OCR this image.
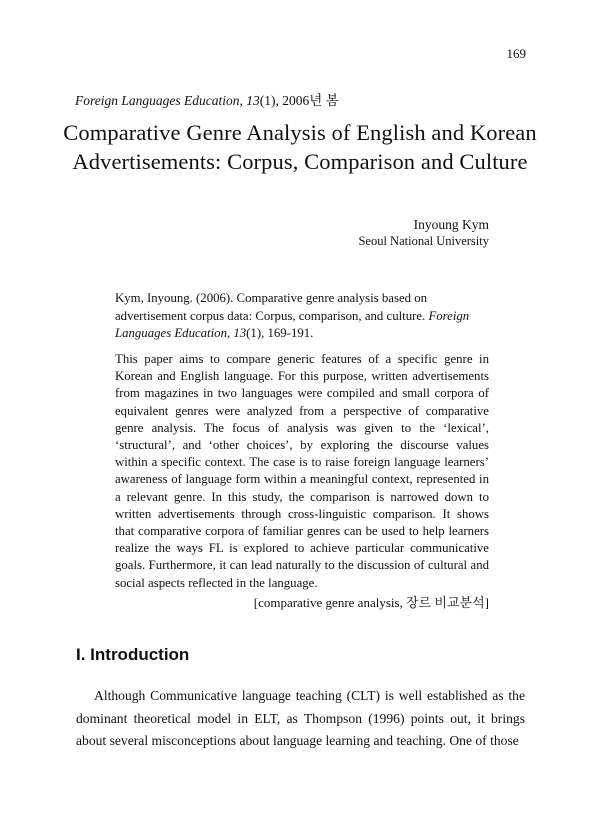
169
Foreign Languages Education, 13(1), 2006년 봄
Comparative Genre Analysis of English and Korean Advertisements: Corpus, Comparison and Culture
Inyoung Kym
Seoul National University
Kym, Inyoung. (2006). Comparative genre analysis based on advertisement corpus data: Corpus, comparison, and culture. Foreign Languages Education, 13(1), 169-191.
This paper aims to compare generic features of a specific genre in Korean and English language. For this purpose, written advertisements from magazines in two languages were compiled and small corpora of equivalent genres were analyzed from a perspective of comparative genre analysis. The focus of analysis was given to the ‘lexical’, ‘structural’, and ‘other choices’, by exploring the discourse values within a specific context. The case is to raise foreign language learners’ awareness of language form within a meaningful context, represented in a relevant genre. In this study, the comparison is narrowed down to written advertisements through cross-linguistic comparison. It shows that comparative corpora of familiar genres can be used to help learners realize the ways FL is explored to achieve particular communicative goals. Furthermore, it can lead naturally to the discussion of cultural and social aspects reflected in the language.
[comparative genre analysis, 장르 비교분석]
I. Introduction
Although Communicative language teaching (CLT) is well established as the dominant theoretical model in ELT, as Thompson (1996) points out, it brings about several misconceptions about language learning and teaching. One of those
